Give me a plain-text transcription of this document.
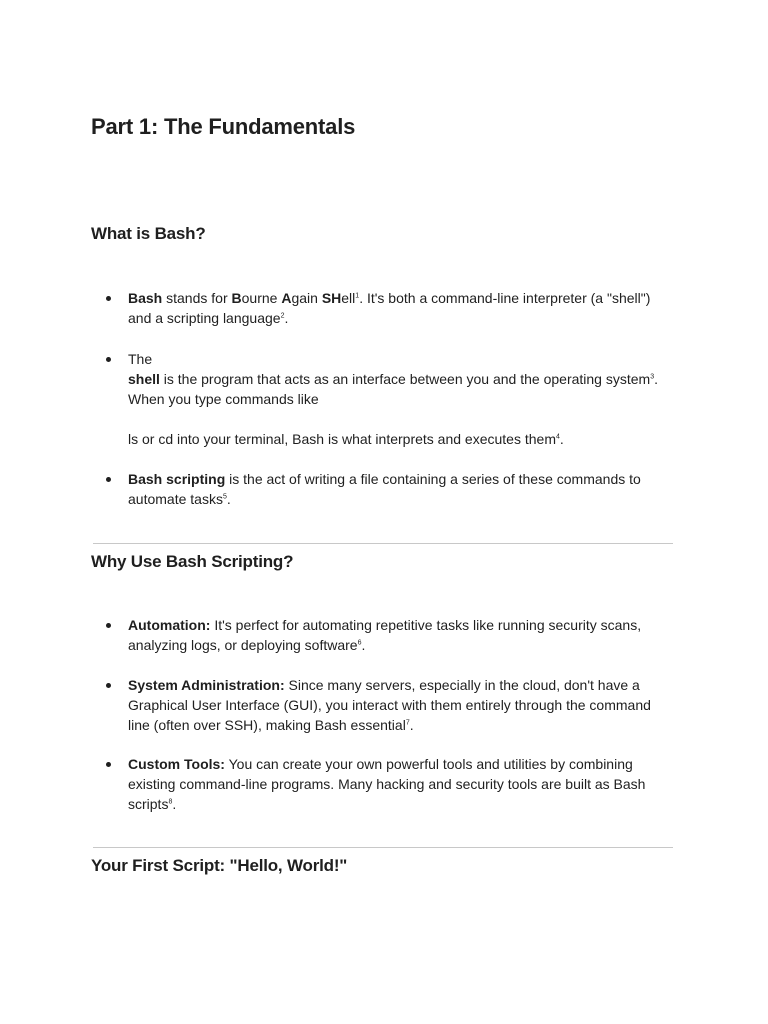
Part 1: The Fundamentals
What is Bash?
Bash stands for Bourne Again SHell$^1$. It's both a command-line interpreter (a "shell") and a scripting language$^2$.
The
shell is the program that acts as an interface between you and the operating system$^3$. When you type commands like
ls or cd into your terminal, Bash is what interprets and executes them$^4$.
Bash scripting is the act of writing a file containing a series of these commands to automate tasks$^5$.
Why Use Bash Scripting?
Automation: It's perfect for automating repetitive tasks like running security scans, analyzing logs, or deploying software$^6$.
System Administration: Since many servers, especially in the cloud, don't have a Graphical User Interface (GUI), you interact with them entirely through the command line (often over SSH), making Bash essential$^7$.
Custom Tools: You can create your own powerful tools and utilities by combining existing command-line programs. Many hacking and security tools are built as Bash scripts$^8$.
Your First Script: "Hello, World!"
